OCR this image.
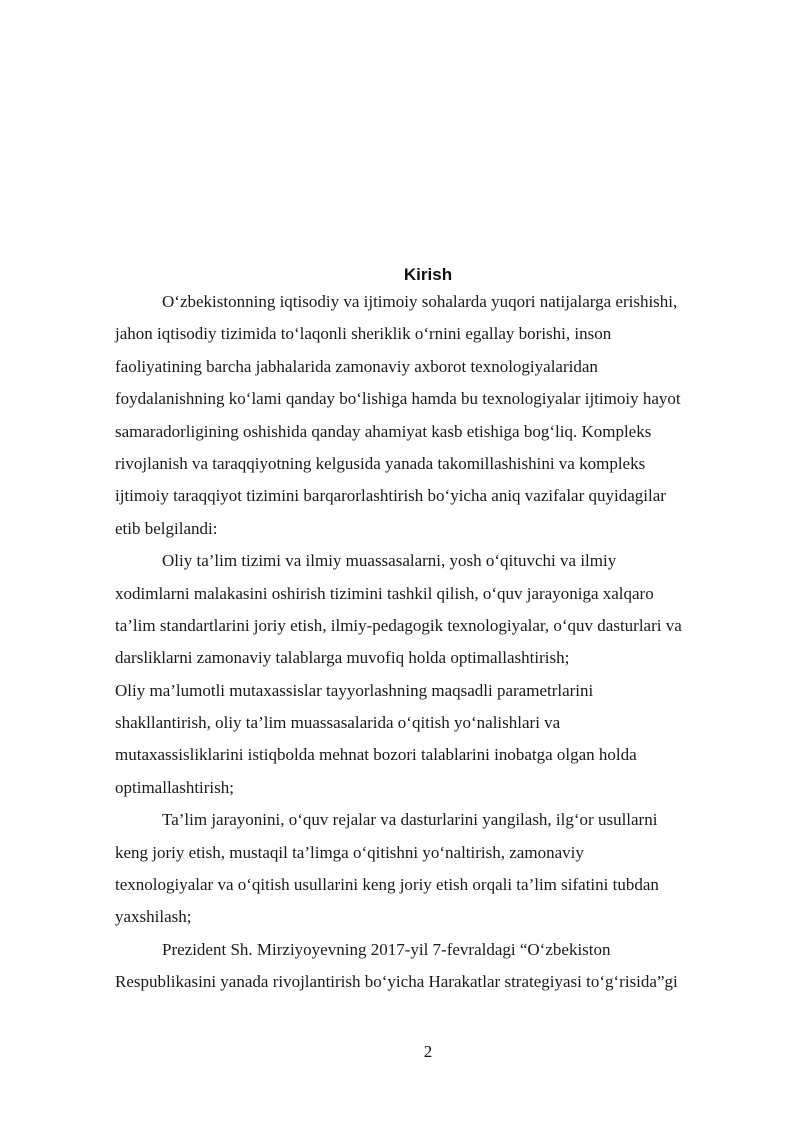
Kirish
O‘zbekistonning iqtisodiy va ijtimoiy sohalarda yuqori natijalarga erishishi,
jahon iqtisodiy tizimida to‘laqonli sheriklik o‘rnini egallay borishi, inson
faoliyatining barcha jabhalarida zamonaviy axborot texnologiyalaridan
foydalanishning ko‘lami qanday bo‘lishiga hamda bu texnologiyalar ijtimoiy hayot
samaradorligining oshishida qanday ahamiyat kasb etishiga bog‘liq. Kompleks
rivojlanish va taraqqiyotning kelgusida yanada takomillashishini va kompleks
ijtimoiy taraqqiyot tizimini barqarorlashtirish bo‘yicha aniq vazifalar quyidagilar
etib belgilandi:
Oliy ta’lim tizimi va ilmiy muassasalarni, yosh o‘qituvchi va ilmiy
xodimlarni malakasini oshirish tizimini tashkil qilish, o‘quv jarayoniga xalqaro
ta’lim standartlarini joriy etish, ilmiy-pedagogik texnologiyalar, o‘quv dasturlari va
darsliklarni zamonaviy talablarga muvofiq holda optimallashtirish;
Oliy ma’lumotli mutaxassislar tayyorlashning maqsadli parametrlarini
shakllantirish, oliy ta’lim muassasalarida o‘qitish yo‘nalishlari va
mutaxassisliklarini istiqbolda mehnat bozori talablarini inobatga olgan holda
optimallashtirish;
Ta’lim jarayonini, o‘quv rejalar va dasturlarini yangilash, ilg‘or usullarni
keng joriy etish, mustaqil ta’limga o‘qitishni yo‘naltirish, zamonaviy
texnologiyalar va o‘qitish usullarini keng joriy etish orqali ta’lim sifatini tubdan
yaxshilash;
Prezident Sh. Mirziyoyevning 2017-yil 7-fevraldagi “O‘zbekiston
Respublikasini yanada rivojlantirish bo‘yicha Harakatlar strategiyasi to‘g‘risida”gi
2
